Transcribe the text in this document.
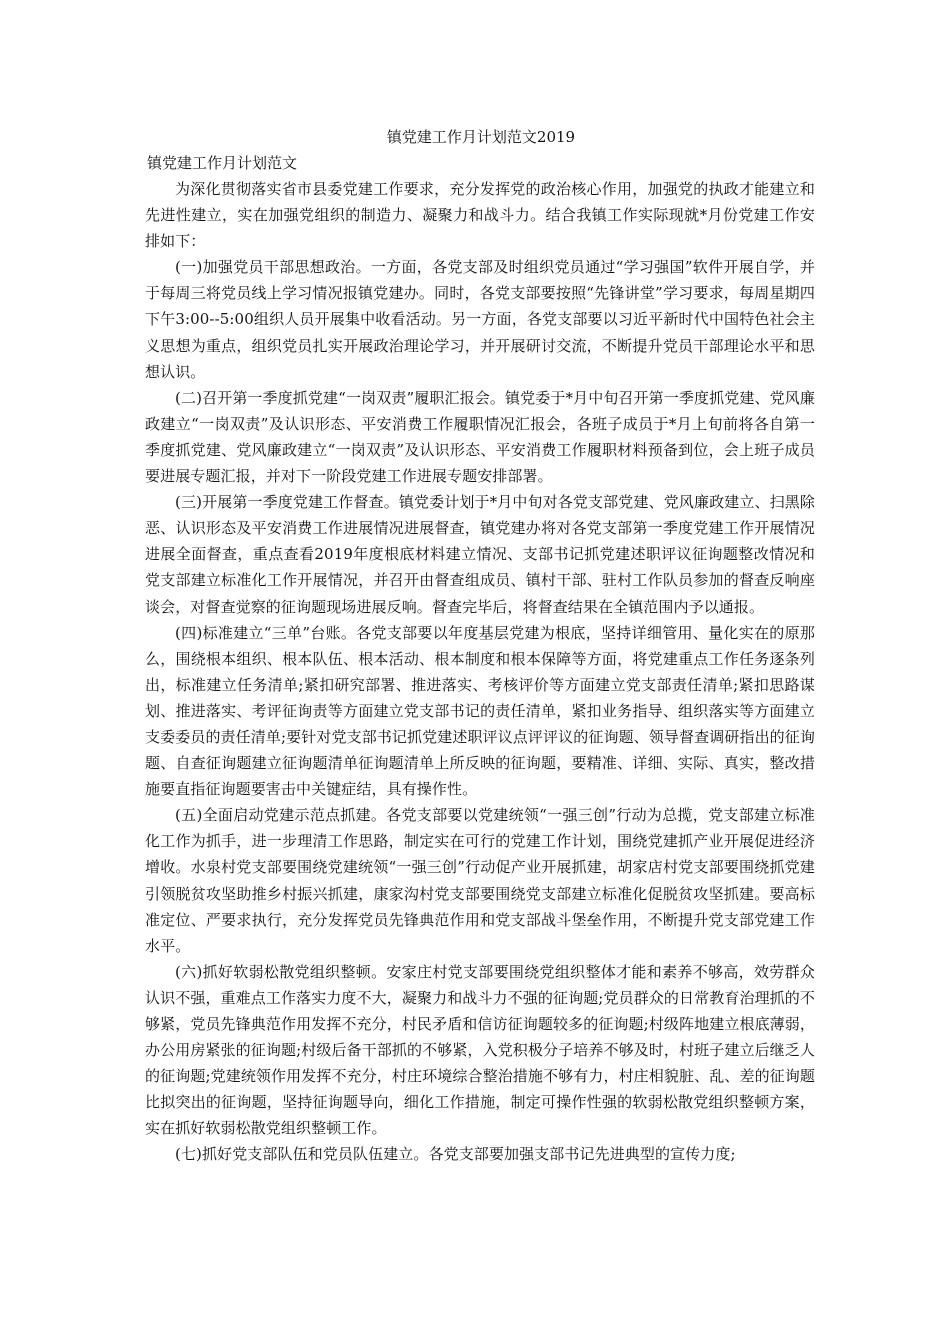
镇党建工作月计划范文2019

镇党建工作月计划范文

为深化贯彻落实省市县委党建工作要求，充分发挥党的政治核心作用，加强党的执政才能建立和先进性建立，实在加强党组织的制造力、凝聚力和战斗力。结合我镇工作实际现就*月份党建工作安排如下：

(一)加强党员干部思想政治。一方面，各党支部及时组织党员通过“学习强国”软件开展自学，并于每周三将党员线上学习情况报镇党建办。同时，各党支部要按照“先锋讲堂”学习要求，每周星期四下午3:00--5:00组织人员开展集中收看活动。另一方面，各党支部要以习近平新时代中国特色社会主义思想为重点，组织党员扎实开展政治理论学习，并开展研讨交流，不断提升党员干部理论水平和思想认识。

(二)召开第一季度抓党建“一岗双责”履职汇报会。镇党委于*月中旬召开第一季度抓党建、党风廉政建立“一岗双责”及认识形态、平安消费工作履职情况汇报会，各班子成员于*月上旬前将各自第一季度抓党建、党风廉政建立“一岗双责”及认识形态、平安消费工作履职材料预备到位，会上班子成员要进展专题汇报，并对下一阶段党建工作进展专题安排部署。

(三)开展第一季度党建工作督查。镇党委计划于*月中旬对各党支部党建、党风廉政建立、扫黑除恶、认识形态及平安消费工作进展情况进展督查，镇党建办将对各党支部第一季度党建工作开展情况进展全面督查，重点查看2019年度根底材料建立情况、支部书记抓党建述职评议征询题整改情况和党支部建立标准化工作开展情况，并召开由督查组成员、镇村干部、驻村工作队员参加的督查反响座谈会，对督查觉察的征询题现场进展反响。督查完毕后，将督查结果在全镇范围内予以通报。

(四)标准建立“三单”台账。各党支部要以年度基层党建为根底，坚持详细管用、量化实在的原那么，围绕根本组织、根本队伍、根本活动、根本制度和根本保障等方面，将党建重点工作任务逐条列出，标准建立任务清单;紧扣研究部署、推进落实、考核评价等方面建立党支部责任清单;紧扣思路谋划、推进落实、考评征询责等方面建立党支部书记的责任清单，紧扣业务指导、组织落实等方面建立支委委员的责任清单;要针对党支部书记抓党建述职评议点评评议的征询题、领导督查调研指出的征询题、自查征询题建立征询题清单征询题清单上所反映的征询题，要精准、详细、实际、真实，整改措施要直指征询题要害击中关键症结，具有操作性。

(五)全面启动党建示范点抓建。各党支部要以党建统领“一强三创”行动为总揽，党支部建立标准化工作为抓手，进一步理清工作思路，制定实在可行的党建工作计划，围绕党建抓产业开展促进经济增收。水泉村党支部要围绕党建统领“一强三创”行动促产业开展抓建，胡家店村党支部要围绕抓党建引领脱贫攻坚助推乡村振兴抓建，康家沟村党支部要围绕党支部建立标准化促脱贫攻坚抓建。要高标准定位、严要求执行，充分发挥党员先锋典范作用和党支部战斗堡垒作用，不断提升党支部党建工作水平。

(六)抓好软弱松散党组织整顿。安家庄村党支部要围绕党组织整体才能和素养不够高，效劳群众认识不强，重难点工作落实力度不大，凝聚力和战斗力不强的征询题;党员群众的日常教育治理抓的不够紧，党员先锋典范作用发挥不充分，村民矛盾和信访征询题较多的征询题;村级阵地建立根底薄弱，办公用房紧张的征询题;村级后备干部抓的不够紧，入党积极分子培养不够及时，村班子建立后继乏人的征询题;党建统领作用发挥不充分，村庄环境综合整治措施不够有力，村庄相貌脏、乱、差的征询题比拟突出的征询题，坚持征询题导向，细化工作措施，制定可操作性强的软弱松散党组织整顿方案，实在抓好软弱松散党组织整顿工作。

(七)抓好党支部队伍和党员队伍建立。各党支部要加强支部书记先进典型的宣传力度;
